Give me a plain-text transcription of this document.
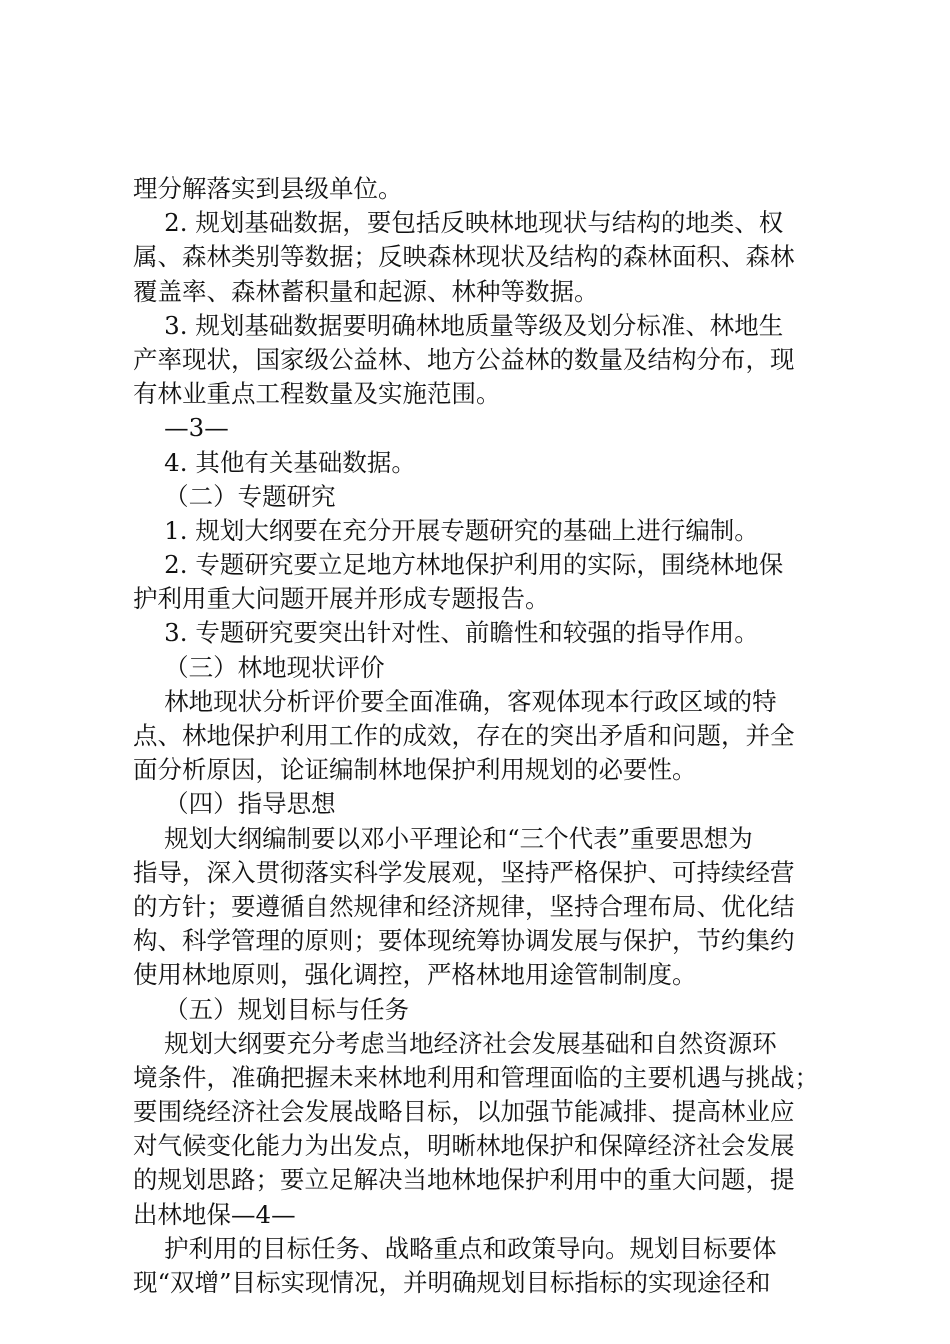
理分解落实到县级单位。
2. 规划基础数据，要包括反映林地现状与结构的地类、权
属、森林类别等数据；反映森林现状及结构的森林面积、森林
覆盖率、森林蓄积量和起源、林种等数据。
3. 规划基础数据要明确林地质量等级及划分标准、林地生
产率现状，国家级公益林、地方公益林的数量及结构分布，现
有林业重点工程数量及实施范围。
—3—
4. 其他有关基础数据。
（二）专题研究
1. 规划大纲要在充分开展专题研究的基础上进行编制。
2. 专题研究要立足地方林地保护利用的实际，围绕林地保
护利用重大问题开展并形成专题报告。
3. 专题研究要突出针对性、前瞻性和较强的指导作用。
（三）林地现状评价
林地现状分析评价要全面准确，客观体现本行政区域的特
点、林地保护利用工作的成效，存在的突出矛盾和问题，并全
面分析原因，论证编制林地保护利用规划的必要性。
（四）指导思想
规划大纲编制要以邓小平理论和“三个代表”重要思想为
指导，深入贯彻落实科学发展观，坚持严格保护、可持续经营
的方针；要遵循自然规律和经济规律，坚持合理布局、优化结
构、科学管理的原则；要体现统筹协调发展与保护，节约集约
使用林地原则，强化调控，严格林地用途管制制度。
（五）规划目标与任务
规划大纲要充分考虑当地经济社会发展基础和自然资源环
境条件，准确把握未来林地利用和管理面临的主要机遇与挑战；
要围绕经济社会发展战略目标，以加强节能减排、提高林业应
对气候变化能力为出发点，明晰林地保护和保障经济社会发展
的规划思路；要立足解决当地林地保护利用中的重大问题，提
出林地保—4—
护利用的目标任务、战略重点和政策导向。规划目标要体
现“双增”目标实现情况，并明确规划目标指标的实现途径和
